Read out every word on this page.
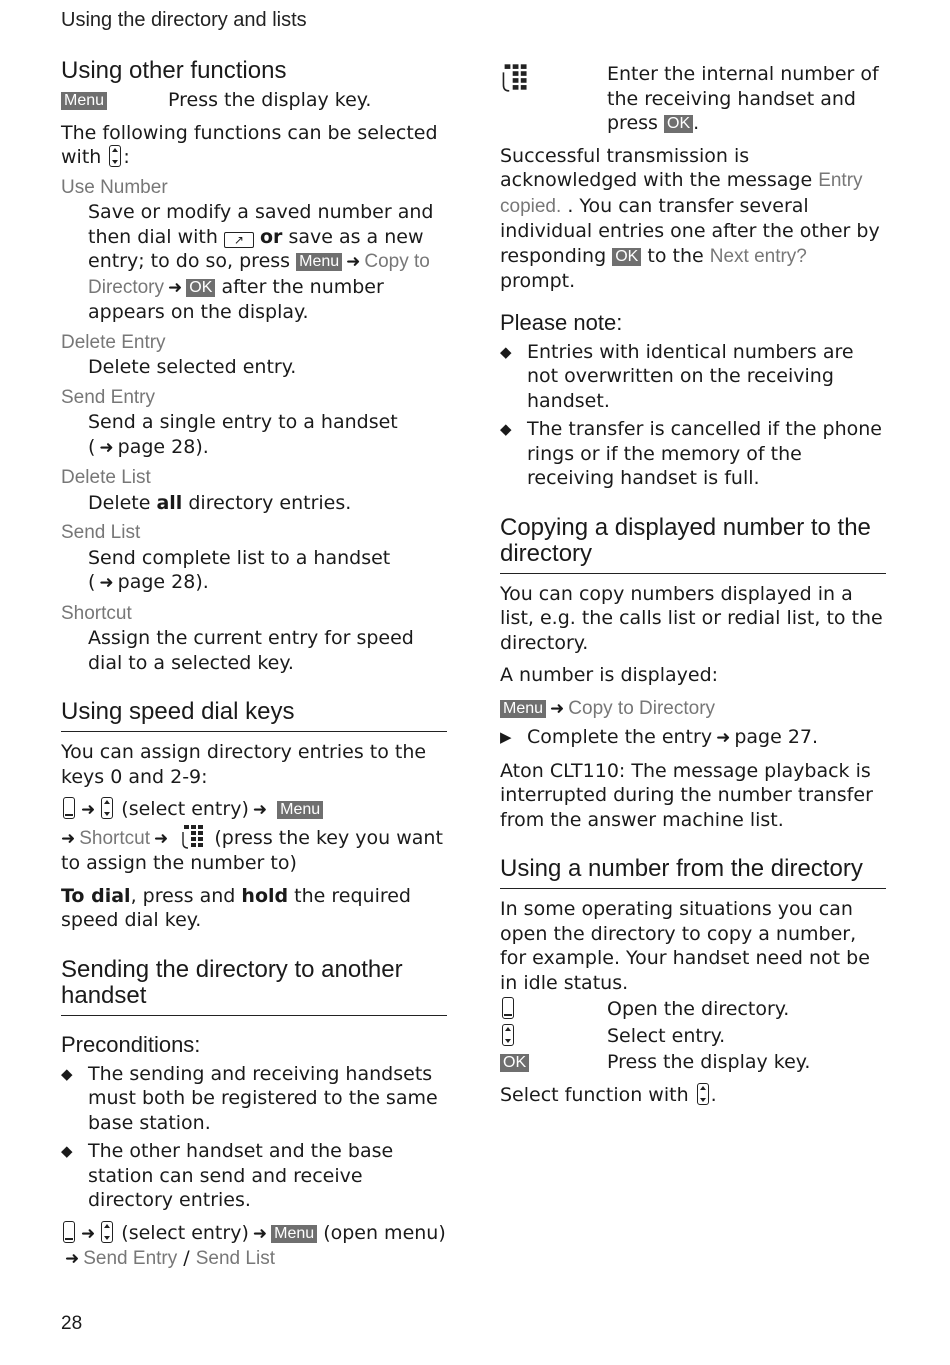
Using the directory and lists
Using other functions
Menu	Press the display key.

The following functions can be selected with :

Use Number
Save or modify a saved number and then dial with ↗ or save as a new entry; to do so, press Menu ➜ Copy to Directory ➜ OK after the number appears on the display.
Delete Entry
Delete selected entry.
Send Entry
Send a single entry to a handset
( ➜ page 28).
Delete List
Delete all directory entries.
Send List
Send complete list to a handset
( ➜ page 28).
Shortcut
Assign the current entry for speed dial to a selected key.
Using speed dial keys

You can assign directory entries to the keys 0 and 2-9:

➜ (select entry) ➜ Menu
➜ Shortcut ➜ (press the key you want to assign the number to)

To dial, press and hold the required speed dial key.

Sending the directory to another handset
Preconditions:
◆ The sending and receiving handsets must both be registered to the same base station.
◆ The other handset and the base station can send and receive directory entries.

➜ (select entry) ➜ Menu (open menu)➜ Send Entry / Send List

Enter the internal number of the receiving handset and press OK .

Successful transmission is acknowledged with the message Entry copied. . You can transfer several individual entries one after the other by responding OK to the Next entry? prompt.

Please note:
◆ Entries with identical numbers are not overwritten on the receiving handset.
◆ The transfer is cancelled if the phone rings or if the memory of the receiving handset is full.
Copying a displayed number to the directory

You can copy numbers displayed in a list, e.g. the calls list or redial list, to the directory.

A number is displayed:

Menu ➜ Copy to Directory

▶ Complete the entry ➜ page 27.

Aton CLT110: The message playback is interrupted during the number transfer from the answer machine list.

Using a number from the directory

In some operating situations you can open the directory to copy a number, for example. Your handset need not be in idle status.

Open the directory.
Select entry.
OK	Press the display key.

Select function with .

28
